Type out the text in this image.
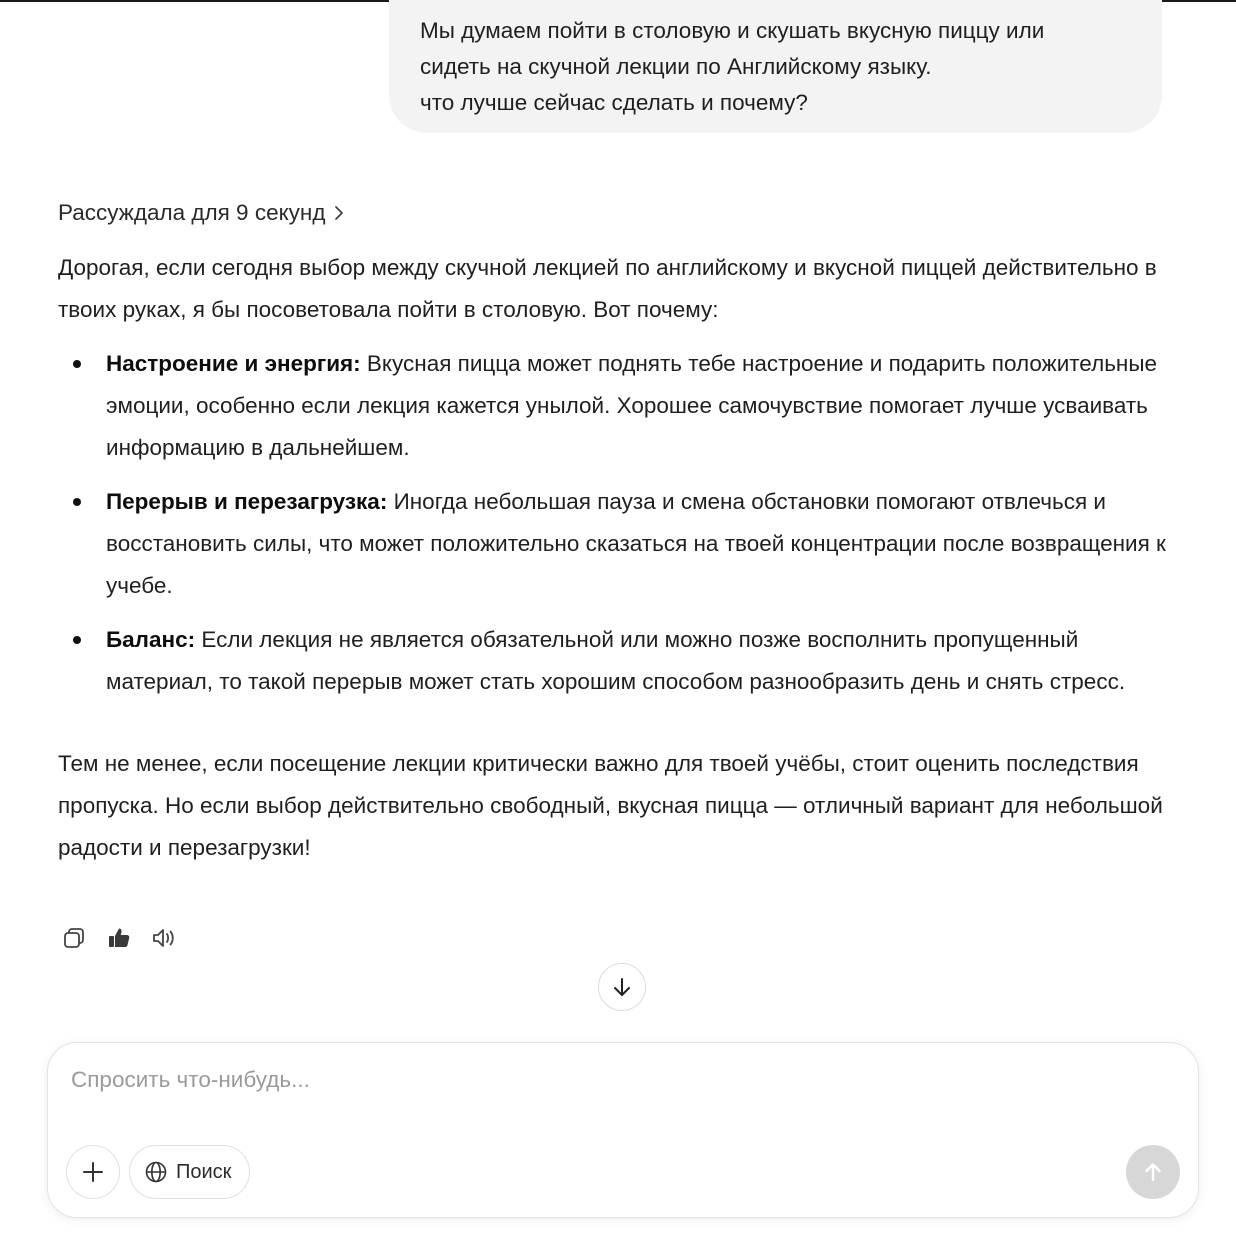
Мы думаем пойти в столовую и скушать вкусную пиццу или
сидеть на скучной лекции по Английскому языку.
что лучше сейчас сделать и почему?
Рассуждала для 9 секунд

Дорогая, если сегодня выбор между скучной лекцией по английскому и вкусной пиццей действительно в твоих руках, я бы посоветовала пойти в столовую. Вот почему:

Настроение и энергия: Вкусная пицца может поднять тебе настроение и подарить положительные эмоции, особенно если лекция кажется унылой. Хорошее самочувствие помогает лучше усваивать информацию в дальнейшем.
Перерыв и перезагрузка: Иногда небольшая пауза и смена обстановки помогают отвлечься и восстановить силы, что может положительно сказаться на твоей концентрации после возвращения к учебе.
Баланс: Если лекция не является обязательной или можно позже восполнить пропущенный материал, то такой перерыв может стать хорошим способом разнообразить день и снять стресс.

Тем не менее, если посещение лекции критически важно для твоей учёбы, стоит оценить последствия пропуска. Но если выбор действительно свободный, вкусная пицца — отличный вариант для небольшой радости и перезагрузки!

Спросить что-нибудь...
Поиск
